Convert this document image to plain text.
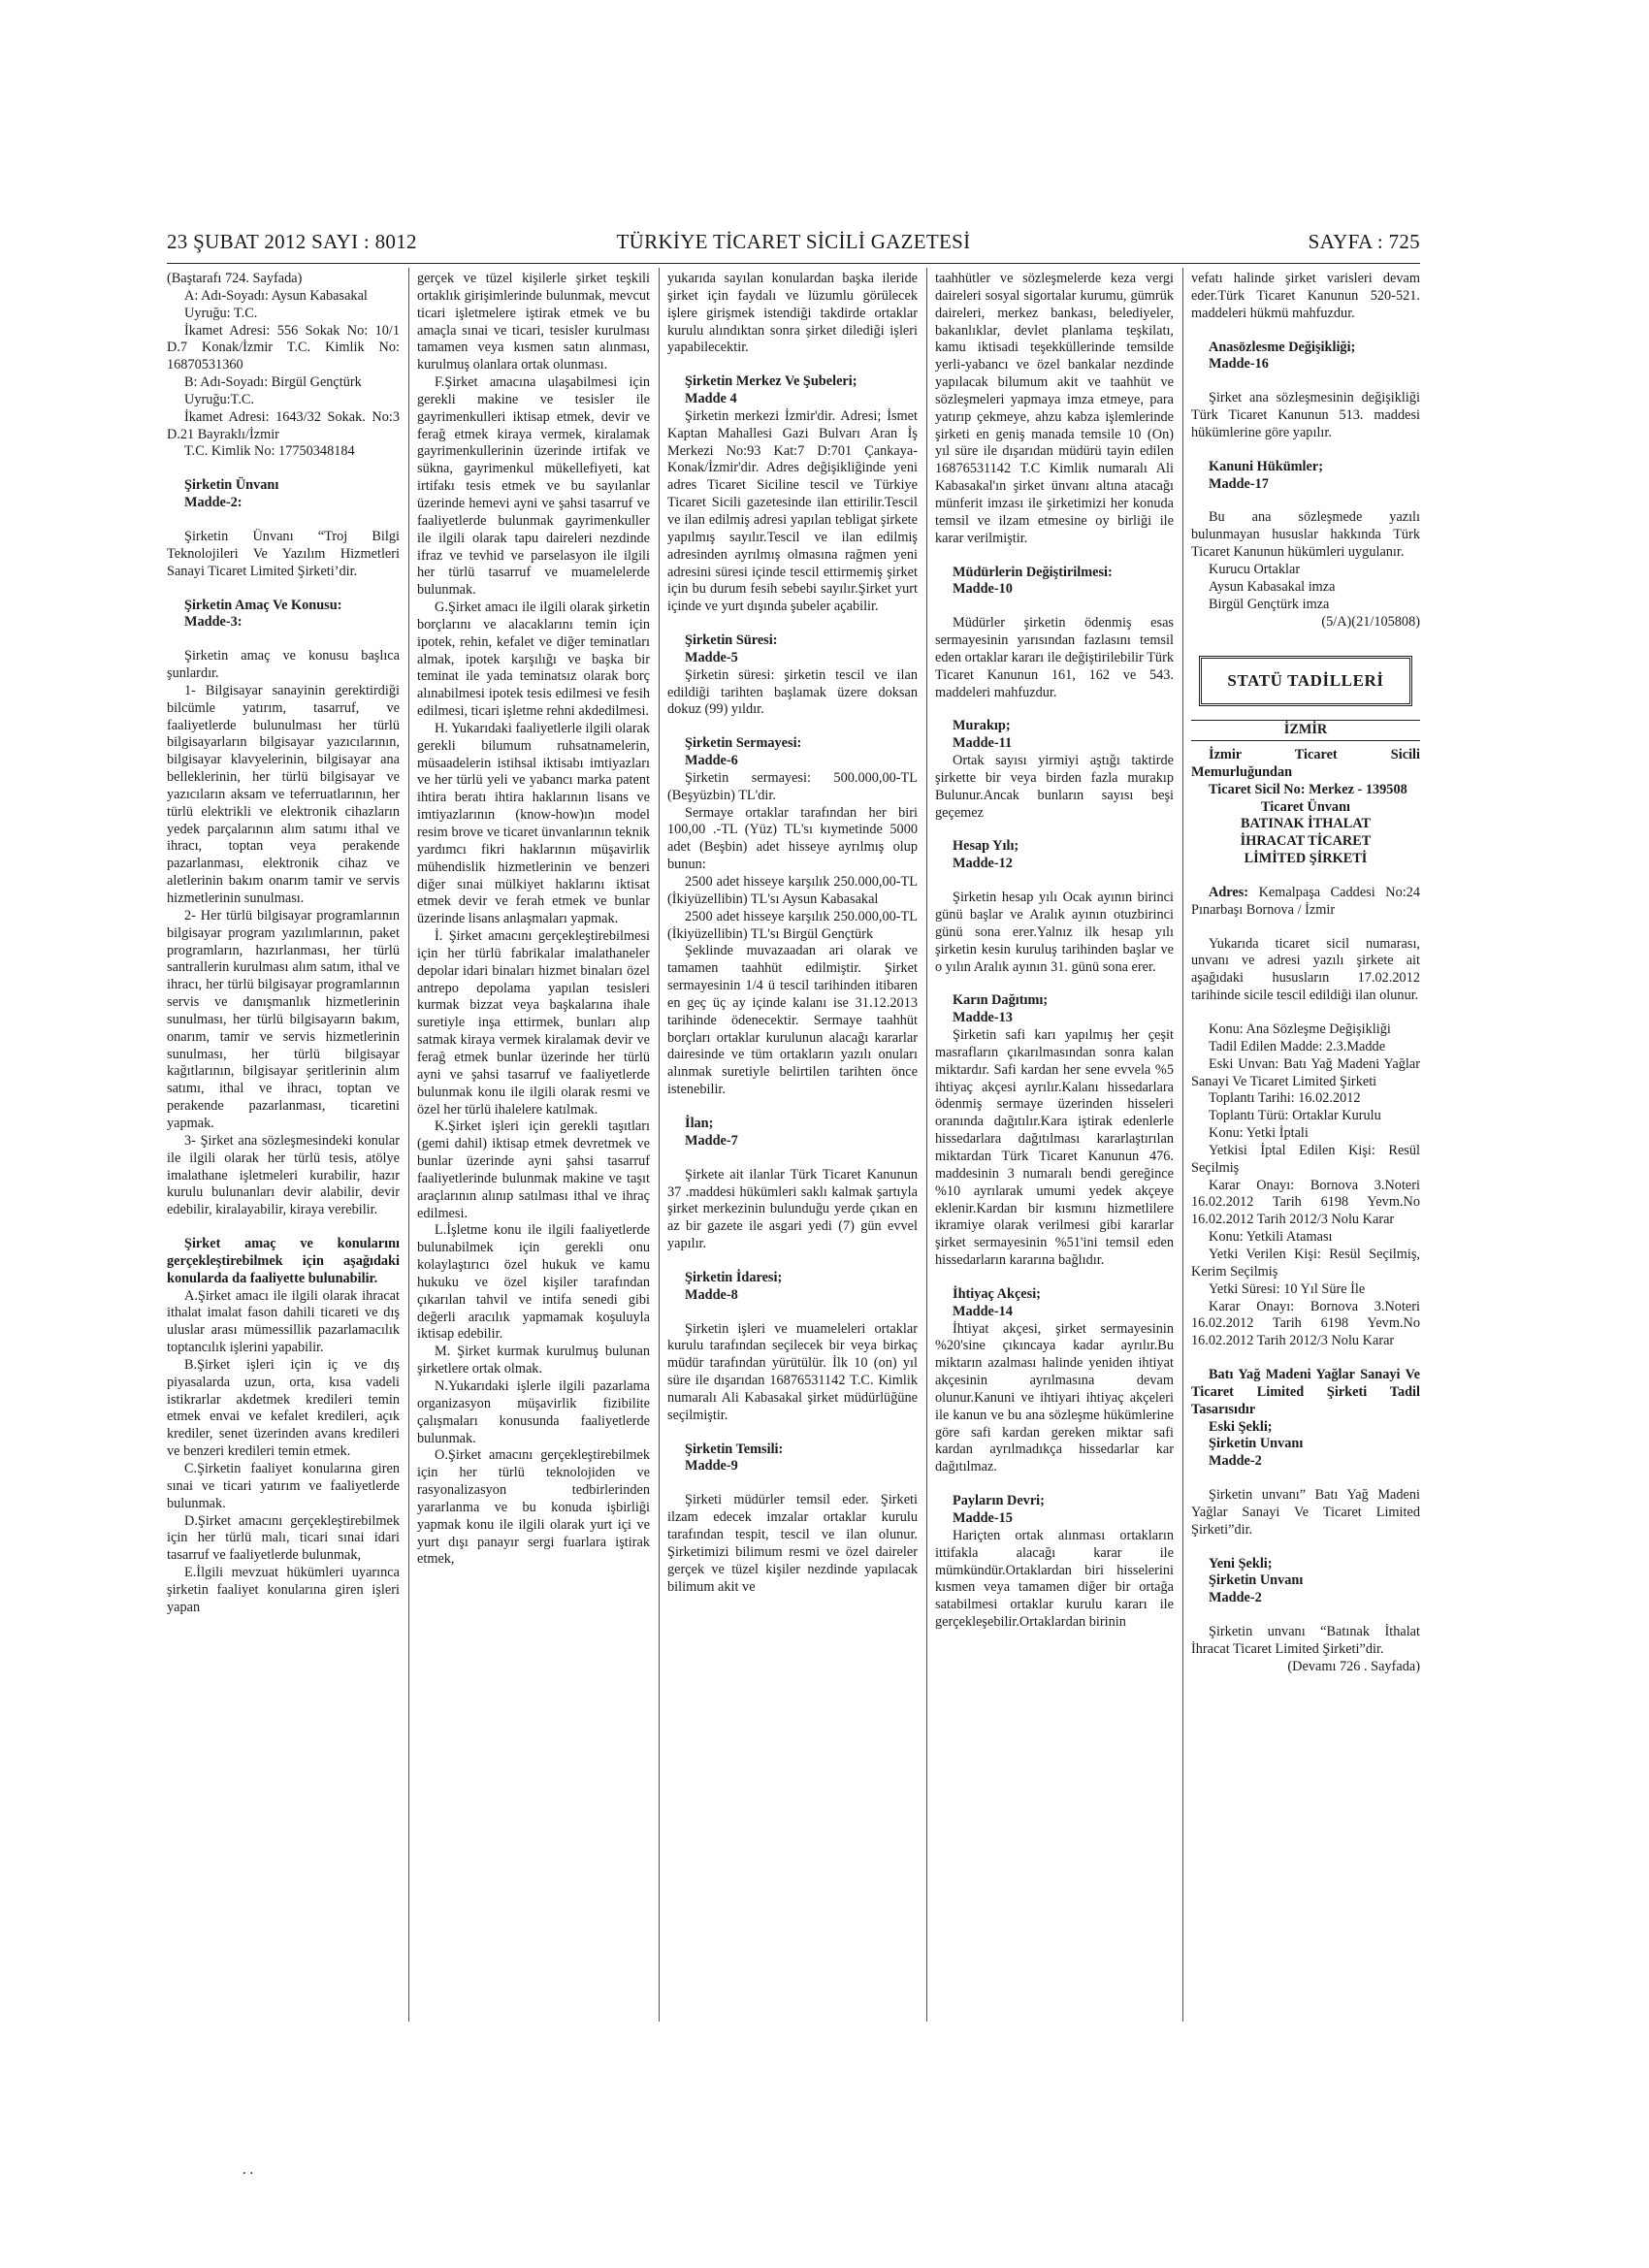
23 ŞUBAT 2012 SAYI : 8012	TÜRKİYE TİCARET SİCİLİ GAZETESİ	SAYFA : 725

(Baştarafı 724. Sayfada)

A: Adı-Soyadı: Aysun Kabasakal

Uyruğu: T.C.

İkamet Adresi: 556 Sokak No: 10/1 D.7 Konak/İzmir T.C. Kimlik No: 16870531360

B: Adı-Soyadı: Birgül Gençtürk

Uyruğu:T.C.

İkamet Adresi: 1643/32 Sokak. No:3 D.21 Bayraklı/İzmir

T.C. Kimlik No: 17750348184

Şirketin Ünvanı

Madde-2:

Şirketin Ünvanı “Troj Bilgi Teknolojileri Ve Yazılım Hizmetleri Sanayi Ticaret Limited Şirketi’dir.

Şirketin Amaç Ve Konusu:

Madde-3:

Şirketin amaç ve konusu başlıca şunlardır.

1- Bilgisayar sanayinin gerektirdiği bilcümle yatırım, tasarruf, ve faaliyetlerde bulunulması her türlü bilgisayarların bilgisayar yazıcılarının, bilgisayar klavyelerinin, bilgisayar ana belleklerinin, her türlü bilgisayar ve yazıcıların aksam ve teferruatlarının, her türlü elektrikli ve elektronik cihazların yedek parçalarının alım satımı ithal ve ihracı, toptan veya perakende pazarlanması, elektronik cihaz ve aletlerinin bakım onarım tamir ve servis hizmetlerinin sunulması.

2- Her türlü bilgisayar programlarının bilgisayar program yazılımlarının, paket programların, hazırlanması, her türlü santrallerin kurulması alım satım, ithal ve ihracı, her türlü bilgisayar programlarının servis ve danışmanlık hizmetlerinin sunulması, her türlü bilgisayarın bakım, onarım, tamir ve servis hizmetlerinin sunulması, her türlü bilgisayar kağıtlarının, bilgisayar şeritlerinin alım satımı, ithal ve ihracı, toptan ve perakende pazarlanması, ticaretini yapmak.

3- Şirket ana sözleşmesindeki konular ile ilgili olarak her türlü tesis, atölye imalathane işletmeleri kurabilir, hazır kurulu bulunanları devir alabilir, devir edebilir, kiralayabilir, kiraya verebilir.

Şirket amaç ve konularını gerçekleştirebilmek için aşağıdaki konularda da faaliyette bulunabilir.

A.Şirket amacı ile ilgili olarak ihracat ithalat imalat fason dahili ticareti ve dış uluslar arası mümessillik pazarlamacılık toptancılık işlerini yapabilir.

B.Şirket işleri için iç ve dış piyasalarda uzun, orta, kısa vadeli istikrarlar akdetmek kredileri temin etmek envai ve kefalet kredileri, açık krediler, senet üzerinden avans kredileri ve benzeri kredileri temin etmek.

C.Şirketin faaliyet konularına giren sınai ve ticari yatırım ve faaliyetlerde bulunmak.

D.Şirket amacını gerçekleştirebilmek için her türlü malı, ticari sınai idari tasarruf ve faaliyetlerde bulunmak,

E.İlgili mevzuat hükümleri uyarınca şirketin faaliyet konularına giren işleri yapan

gerçek ve tüzel kişilerle şirket teşkili ortaklık girişimlerinde bulunmak, mevcut ticari işletmelere iştirak etmek ve bu amaçla sınai ve ticari, tesisler kurulması tamamen veya kısmen satın alınması, kurulmuş olanlara ortak olunması.

F.Şirket amacına ulaşabilmesi için gerekli makine ve tesisler ile gayrimenkulleri iktisap etmek, devir ve ferağ etmek kiraya vermek, kiralamak gayrimenkullerinin üzerinde irtifak ve sükna, gayrimenkul mükellefiyeti, kat irtifakı tesis etmek ve bu sayılanlar üzerinde hemevi ayni ve şahsi tasarruf ve faaliyetlerde bulunmak gayrimenkuller ile ilgili olarak tapu daireleri nezdinde ifraz ve tevhid ve parselasyon ile ilgili her türlü tasarruf ve muamelelerde bulunmak.

G.Şirket amacı ile ilgili olarak şirketin borçlarını ve alacaklarını temin için ipotek, rehin, kefalet ve diğer teminatları almak, ipotek karşılığı ve başka bir teminat ile yada teminatsız olarak borç alınabilmesi ipotek tesis edilmesi ve fesih edilmesi, ticari işletme rehni akdedilmesi.

H. Yukarıdaki faaliyetlerle ilgili olarak gerekli bilumum ruhsatnamelerin, müsaadelerin istihsal iktisabı imtiyazları ve her türlü yeli ve yabancı marka patent ihtira beratı ihtira haklarının lisans ve imtiyazlarının (know-how)ın model resim brove ve ticaret ünvanlarının teknik yardımcı fikri haklarının müşavirlik mühendislik hizmetlerinin ve benzeri diğer sınai mülkiyet haklarını iktisat etmek devir ve ferah etmek ve bunlar üzerinde lisans anlaşmaları yapmak.

İ. Şirket amacını gerçekleştirebilmesi için her türlü fabrikalar imalathaneler depolar idari binaları hizmet binaları özel antrepo depolama yapılan tesisleri kurmak bizzat veya başkalarına ihale suretiyle inşa ettirmek, bunları alıp satmak kiraya vermek kiralamak devir ve ferağ etmek bunlar üzerinde her türlü ayni ve şahsi tasarruf ve faaliyetlerde bulunmak konu ile ilgili olarak resmi ve özel her türlü ihalelere katılmak.

K.Şirket işleri için gerekli taşıtları (gemi dahil) iktisap etmek devretmek ve bunlar üzerinde ayni şahsi tasarruf faaliyetlerinde bulunmak makine ve taşıt araçlarının alınıp satılması ithal ve ihraç edilmesi.

L.İşletme konu ile ilgili faaliyetlerde bulunabilmek için gerekli onu kolaylaştırıcı özel hukuk ve kamu hukuku ve özel kişiler tarafından çıkarılan tahvil ve intifa senedi gibi değerli aracılık yapmamak koşuluyla iktisap edebilir.

M. Şirket kurmak kurulmuş bulunan şirketlere ortak olmak.

N.Yukarıdaki işlerle ilgili pazarlama organizasyon müşavirlik fizibilite çalışmaları konusunda faaliyetlerde bulunmak.

O.Şirket amacını gerçekleştirebilmek için her türlü teknolojiden ve rasyonalizasyon tedbirlerinden yararlanma ve bu konuda işbirliği yapmak konu ile ilgili olarak yurt içi ve yurt dışı panayır sergi fuarlara iştirak etmek,

yukarıda sayılan konulardan başka ileride şirket için faydalı ve lüzumlu görülecek işlere girişmek istendiği takdirde ortaklar kurulu alındıktan sonra şirket dilediği işleri yapabilecektir.

Şirketin Merkez Ve Şubeleri;

Madde 4

Şirketin merkezi İzmir'dir. Adresi; İsmet Kaptan Mahallesi Gazi Bulvarı Aran İş Merkezi No:93 Kat:7 D:701 Çankaya-Konak/İzmir'dir. Adres değişikliğinde yeni adres Ticaret Siciline tescil ve Türkiye Ticaret Sicili gazetesinde ilan ettirilir.Tescil ve ilan edilmiş adresi yapılan tebligat şirkete yapılmış sayılır.Tescil ve ilan edilmiş adresinden ayrılmış olmasına rağmen yeni adresini süresi içinde tescil ettirmemiş şirket için bu durum fesih sebebi sayılır.Şirket yurt içinde ve yurt dışında şubeler açabilir.

Şirketin Süresi:

Madde-5

Şirketin süresi: şirketin tescil ve ilan edildiği tarihten başlamak üzere doksan dokuz (99) yıldır.

Şirketin Sermayesi:

Madde-6

Şirketin sermayesi: 500.000,00-TL (Beşyüzbin) TL'dir.

Sermaye ortaklar tarafından her biri 100,00 .-TL (Yüz) TL'sı kıymetinde 5000 adet (Beşbin) adet hisseye ayrılmış olup bunun:

2500 adet hisseye karşılık 250.000,00-TL (İkiyüzellibin) TL'sı Aysun Kabasakal

2500 adet hisseye karşılık 250.000,00-TL (İkiyüzellibin) TL'sı Birgül Gençtürk

Şeklinde muvazaadan ari olarak ve tamamen taahhüt edilmiştir. Şirket sermayesinin 1/4 ü tescil tarihinden itibaren en geç üç ay içinde kalanı ise 31.12.2013 tarihinde ödenecektir. Sermaye taahhüt borçları ortaklar kurulunun alacağı kararlar dairesinde ve tüm ortakların yazılı onuları alınmak suretiyle belirtilen tarihten önce istenebilir.

İlan;

Madde-7

Şirkete ait ilanlar Türk Ticaret Kanunun 37 .maddesi hükümleri saklı kalmak şartıyla şirket merkezinin bulunduğu yerde çıkan en az bir gazete ile asgari yedi (7) gün evvel yapılır.

Şirketin İdaresi;

Madde-8

Şirketin işleri ve muameleleri ortaklar kurulu tarafından seçilecek bir veya birkaç müdür tarafından yürütülür. İlk 10 (on) yıl süre ile dışarıdan 16876531142 T.C. Kimlik numaralı Ali Kabasakal şirket müdürlüğüne seçilmiştir.

Şirketin Temsili:

Madde-9

Şirketi müdürler temsil eder. Şirketi ilzam edecek imzalar ortaklar kurulu tarafından tespit, tescil ve ilan olunur. Şirketimizi bilimum resmi ve özel daireler gerçek ve tüzel kişiler nezdinde yapılacak bilimum akit ve

taahhütler ve sözleşmelerde keza vergi daireleri sosyal sigortalar kurumu, gümrük daireleri, merkez bankası, belediyeler, bakanlıklar, devlet planlama teşkilatı, kamu iktisadi teşekküllerinde temsilde yerli-yabancı ve özel bankalar nezdinde yapılacak bilumum akit ve taahhüt ve sözleşmeleri yapmaya imza etmeye, para yatırıp çekmeye, ahzu kabza işlemlerinde şirketi en geniş manada temsile 10 (On) yıl süre ile dışarıdan müdürü tayin edilen 16876531142 T.C Kimlik numaralı Ali Kabasakal'ın şirket ünvanı altına atacağı münferit imzası ile şirketimizi her konuda temsil ve ilzam etmesine oy birliği ile karar verilmiştir.

Müdürlerin Değiştirilmesi:

Madde-10

Müdürler şirketin ödenmiş esas sermayesinin yarısından fazlasını temsil eden ortaklar kararı ile değiştirilebilir Türk Ticaret Kanunun 161, 162 ve 543. maddeleri mahfuzdur.

Murakıp;

Madde-11

Ortak sayısı yirmiyi aştığı taktirde şirkette bir veya birden fazla murakıp Bulunur.Ancak bunların sayısı beşi geçemez

Hesap Yılı;

Madde-12

Şirketin hesap yılı Ocak ayının birinci günü başlar ve Aralık ayının otuzbirinci günü sona erer.Yalnız ilk hesap yılı şirketin kesin kuruluş tarihinden başlar ve o yılın Aralık ayının 31. günü sona erer.

Karın Dağıtımı;

Madde-13

Şirketin safi karı yapılmış her çeşit masrafların çıkarılmasından sonra kalan miktardır. Safi kardan her sene evvela %5 ihtiyaç akçesi ayrılır.Kalanı hissedarlara ödenmiş sermaye üzerinden hisseleri oranında dağıtılır.Kara iştirak edenlerle hissedarlara dağıtılması kararlaştırılan miktardan Türk Ticaret Kanunun 476. maddesinin 3 numaralı bendi gereğince %10 ayrılarak umumi yedek akçeye eklenir.Kardan bir kısmını hizmetlilere ikramiye olarak verilmesi gibi kararlar şirket sermayesinin %51'ini temsil eden hissedarların kararına bağlıdır.

İhtiyaç Akçesi;

Madde-14

İhtiyat akçesi, şirket sermayesinin %20'sine çıkıncaya kadar ayrılır.Bu miktarın azalması halinde yeniden ihtiyat akçesinin ayrılmasına devam olunur.Kanuni ve ihtiyari ihtiyaç akçeleri ile kanun ve bu ana sözleşme hükümlerine göre safi kardan gereken miktar safi kardan ayrılmadıkça hissedarlar kar dağıtılmaz.

Payların Devri;

Madde-15

Hariçten ortak alınması ortakların ittifakla alacağı karar ile mümkündür.Ortaklardan biri hisselerini kısmen veya tamamen diğer bir ortağa satabilmesi ortaklar kurulu kararı ile gerçekleşebilir.Ortaklardan birinin

vefatı halinde şirket varisleri devam eder.Türk Ticaret Kanunun 520-521. maddeleri hükmü mahfuzdur.

Anasözlesme Değişikliği;

Madde-16

Şirket ana sözleşmesinin değişikliği Türk Ticaret Kanunun 513. maddesi hükümlerine göre yapılır.

Kanuni Hükümler;

Madde-17

Bu ana sözleşmede yazılı bulunmayan hususlar hakkında Türk Ticaret Kanunun hükümleri uygulanır.

Kurucu Ortaklar

Aysun Kabasakal imza

Birgül Gençtürk imza

(5/A)(21/105808)

STATÜ TADİLLERİ
İZMİR

İzmir Ticaret Sicili Memurluğundan

Ticaret Sicil No: Merkez - 139508

Ticaret Ünvanı

BATINAK İTHALAT

İHRACAT TİCARET

LİMİTED ŞİRKETİ

Adres: Kemalpaşa Caddesi No:24 Pınarbaşı Bornova / İzmir

Yukarıda ticaret sicil numarası, unvanı ve adresi yazılı şirkete ait aşağıdaki hususların 17.02.2012 tarihinde sicile tescil edildiği ilan olunur.

Konu: Ana Sözleşme Değişikliği

Tadil Edilen Madde: 2.3.Madde

Eski Unvan: Batı Yağ Madeni Yağlar Sanayi Ve Ticaret Limited Şirketi

Toplantı Tarihi: 16.02.2012

Toplantı Türü: Ortaklar Kurulu

Konu: Yetki İptali

Yetkisi İptal Edilen Kişi: Resül Seçilmiş

Karar Onayı: Bornova 3.Noteri 16.02.2012 Tarih 6198 Yevm.No 16.02.2012 Tarih 2012/3 Nolu Karar

Konu: Yetkili Ataması

Yetki Verilen Kişi: Resül Seçilmiş, Kerim Seçilmiş

Yetki Süresi: 10 Yıl Süre İle

Karar Onayı: Bornova 3.Noteri 16.02.2012 Tarih 6198 Yevm.No 16.02.2012 Tarih 2012/3 Nolu Karar

Batı Yağ Madeni Yağlar Sanayi Ve Ticaret Limited Şirketi Tadil Tasarısıdır

Eski Şekli;

Şirketin Unvanı

Madde-2

Şirketin unvanı” Batı Yağ Madeni Yağlar Sanayi Ve Ticaret Limited Şirketi”dir.

Yeni Şekli;

Şirketin Unvanı

Madde-2

Şirketin unvanı “Batınak İthalat İhracat Ticaret Limited Şirketi”dir.

(Devamı 726 . Sayfada)

٠٠
